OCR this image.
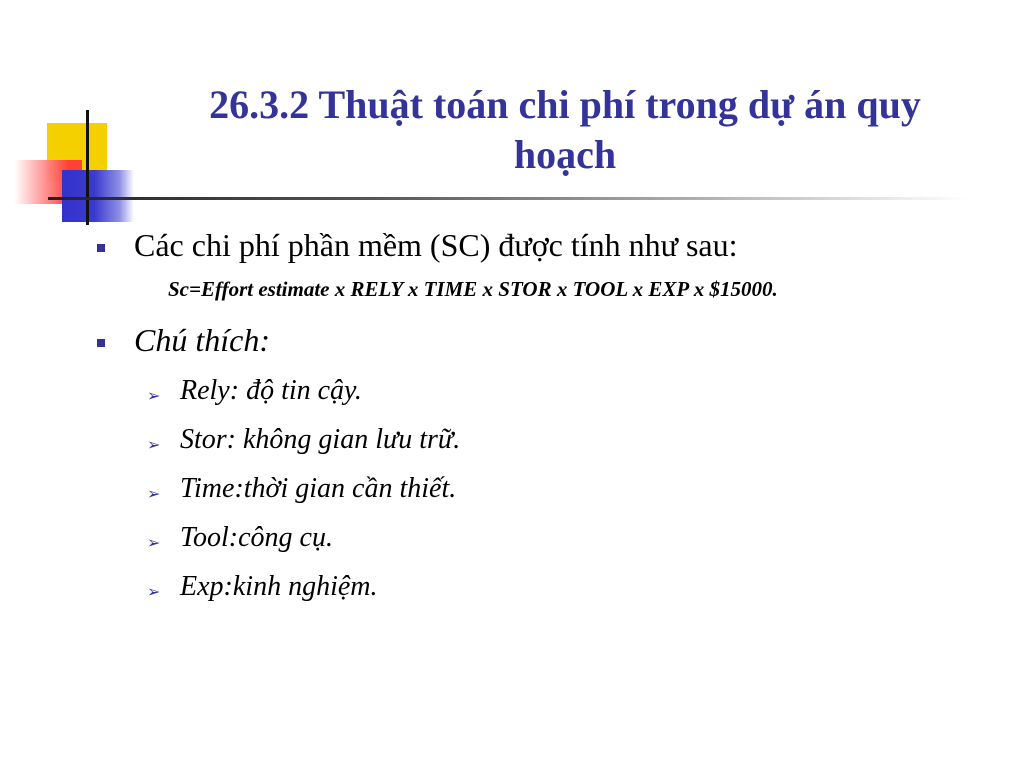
26.3.2 Thuật toán chi phí trong dự án quy
hoạch
Các chi phí phần mềm (SC) được tính như sau:
Sc=Effort estimate x RELY x TIME x STOR x TOOL x EXP x $15000.
Chú thích:
➢ Rely: độ tin cậy.
➢ Stor: không gian lưu trữ.
➢ Time:thời gian cần thiết.
➢ Tool:công cụ.
➢ Exp:kinh nghiệm.
